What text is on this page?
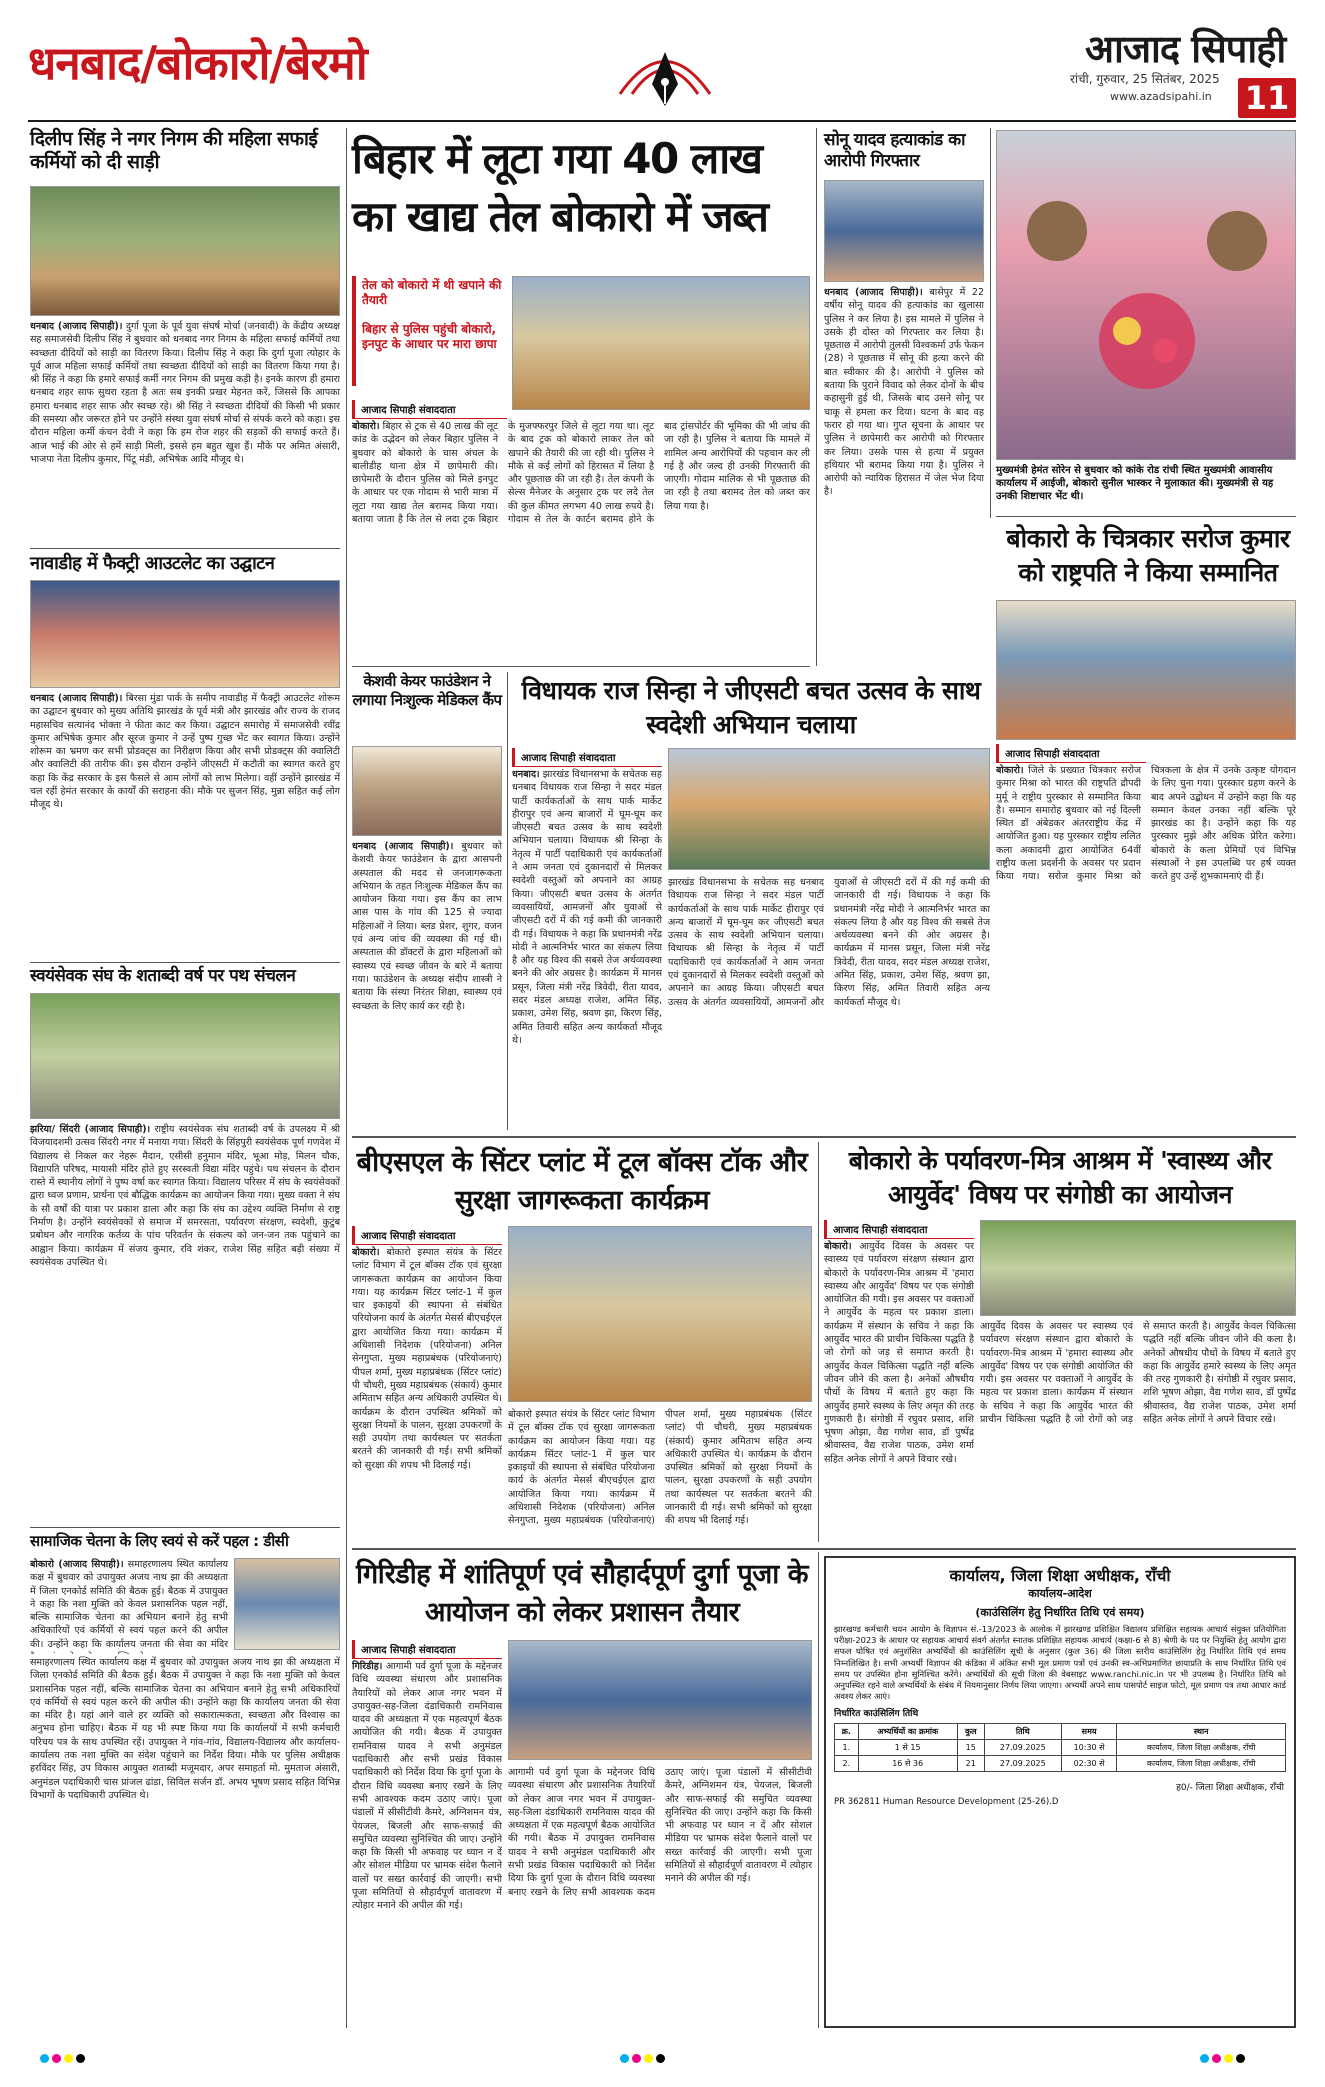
धनबाद/बोकारो/बेरमो	आजाद सिपाही
रांची, गुरुवार, 25 सितंबर, 2025
www.azadsipahi.in	11
दिलीप सिंह ने नगर निगम की महिला सफाई कर्मियों को दी साड़ी
धनबाद (आजाद सिपाही)। दुर्गा पूजा के पूर्व युवा संघर्ष मोर्चा (जनवादी) के केंद्रीय अध्यक्ष सह समाजसेवी दिलीप सिंह ने बुधवार को धनबाद नगर निगम के महिला सफाई कर्मियों तथा स्वच्छता दीदियों को साड़ी का वितरण किया। दिलीप सिंह ने कहा कि दुर्गा पूजा त्योहार के पूर्व आज महिला सफाई कर्मियों तथा स्वच्छता दीदियों को साड़ी का वितरण किया गया है। श्री सिंह ने कहा कि हमारे सफाई कर्मी नगर निगम की प्रमुख कड़ी है। इनके कारण ही हमारा धनबाद शहर साफ सुथरा रहता है अतः सब इनकी प्रखर मेहनत करें, जिससे कि आपका हमारा धनबाद शहर साफ और स्वच्छ रहे। श्री सिंह ने स्वच्छता दीदियों की किसी भी प्रकार की समस्या और जरूरत होने पर उन्होंने संस्था युवा संघर्ष मोर्चा से संपर्क करने को कहा। इस दौरान महिला कर्मी कंचन देवी ने कहा कि हम रोज शहर की सड़कों की सफाई करते हैं। आज भाई की ओर से हमें साड़ी मिली, इससे हम बहुत खुश हैं। मौके पर अमित अंसारी, भाजपा नेता दिलीप कुमार, पिंटू मंडी, अभिषेक आदि मौजूद थे।
नावाडीह में फैक्ट्री आउटलेट का उद्घाटन
धनबाद (आजाद सिपाही)। बिरसा मुंडा पार्क के समीप नावाडीह में फैक्ट्री आउटलेट शोरूम का उद्घाटन बुधवार को मुख्य अतिथि झारखंड के पूर्व मंत्री और झारखंड और राज्य के राजद महासचिव सत्यानंद भोक्ता ने फीता काट कर किया। उद्घाटन समारोह में समाजसेवी रवींद्र कुमार अभिषेक कुमार और सूरज कुमार ने उन्हें पुष्प गुच्छ भेंट कर स्वागत किया। उन्होंने शोरूम का भ्रमण कर सभी प्रोडक्ट्स का निरीक्षण किया और सभी प्रोडक्ट्स की क्वालिटी और क्वालिटी की तारीफ की। इस दौरान उन्होंने जीएसटी में कटौती का स्वागत करते हुए कहा कि केंद्र सरकार के इस फैसले से आम लोगों को लाभ मिलेगा। वहीं उन्होंने झारखंड में चल रहीं हेमंत सरकार के कार्यों की सराहना की। मौके पर सुजन सिंह, मुन्ना सहित कई लोग मौजूद थे।
स्वयंसेवक संघ के शताब्दी वर्ष पर पथ संचलन
झरिया/ सिंदरी (आजाद सिपाही)। राष्ट्रीय स्वयंसेवक संघ शताब्दी वर्ष के उपलक्ष्य में श्री विजयादशमी उत्सव सिंदरी नगर में मनाया गया। सिंदरी के सिंहपुरी स्वयंसेवक पूर्ण गणवेश में विद्यालय से निकल कर नेहरू मैदान, एसीसी हनुमान मंदिर, भूआ मोड़, मिलन चौक, विद्यापति परिषद, मायासी मंदिर होते हुए सरस्वती विद्या मंदिर पहुंचे। पथ संचलन के दौरान रास्ते में स्थानीय लोगों ने पुष्प वर्षा कर स्वागत किया। विद्यालय परिसर में संघ के स्वयंसेवकों द्वारा ध्वज प्रणाम, प्रार्थना एवं बौद्धिक कार्यक्रम का आयोजन किया गया। मुख्य वक्ता ने संघ के सौ वर्षों की यात्रा पर प्रकाश डाला और कहा कि संघ का उद्देश्य व्यक्ति निर्माण से राष्ट्र निर्माण है। उन्होंने स्वयंसेवकों से समाज में समरसता, पर्यावरण संरक्षण, स्वदेशी, कुटुंब प्रबोधन और नागरिक कर्तव्य के पांच परिवर्तन के संकल्प को जन-जन तक पहुंचाने का आह्वान किया। कार्यक्रम में संजय कुमार, रवि शंकर, राजेश सिंह सहित बड़ी संख्या में स्वयंसेवक उपस्थित थे।
सामाजिक चेतना के लिए स्वयं से करें पहल : डीसी
बोकारो (आजाद सिपाही)। समाहरणालय स्थित कार्यालय कक्ष में बुधवार को उपायुक्त अजय नाथ झा की अध्यक्षता में जिला एनकोर्ड समिति की बैठक हुई। बैठक में उपायुक्त ने कहा कि नशा मुक्ति को केवल प्रशासनिक पहल नहीं, बल्कि सामाजिक चेतना का अभियान बनाने हेतु सभी अधिकारियों एवं कर्मियों से स्वयं पहल करने की अपील की। उन्होंने कहा कि कार्यालय जनता की सेवा का मंदिर
समाहरणालय स्थित कार्यालय कक्ष में बुधवार को उपायुक्त अजय नाथ झा की अध्यक्षता में जिला एनकोर्ड समिति की बैठक हुई। बैठक में उपायुक्त ने कहा कि नशा मुक्ति को केवल प्रशासनिक पहल नहीं, बल्कि सामाजिक चेतना का अभियान बनाने हेतु सभी अधिकारियों एवं कर्मियों से स्वयं पहल करने की अपील की। उन्होंने कहा कि कार्यालय जनता की सेवा का मंदिर है। यहां आने वाले हर व्यक्ति को सकारात्मकता, स्वच्छता और विश्वास का अनुभव होना चाहिए। बैठक में यह भी स्पष्ट किया गया कि कार्यालयों में सभी कर्मचारी परिचय पत्र के साथ उपस्थित रहें। उपायुक्त ने गांव-गांव, विद्यालय-विद्यालय और कार्यालय-कार्यालय तक नशा मुक्ति का संदेश पहुंचाने का निर्देश दिया। मौके पर पुलिस अधीक्षक हरविंदर सिंह, उप विकास आयुक्त शताब्दी मजूमदार, अपर समाहर्ता मो. मुमताज अंसारी, अनुमंडल पदाधिकारी चास प्रांजल ढांडा, सिविल सर्जन डॉ. अभय भूषण प्रसाद सहित विभिन्न विभागों के पदाधिकारी उपस्थित थे।
बिहार में लूटा गया 40 लाख का खाद्य तेल बोकारो में जब्त
तेल को बोकारो में थी खपाने की तैयारी
बिहार से पुलिस पहुंची बोकारो, इनपुट के आधार पर मारा छापा
आजाद सिपाही संवाददाता
बोकारो। बिहार से ट्रक से 40 लाख की लूट कांड के उद्भेदन को लेकर बिहार पुलिस ने बुधवार को बोकारो के चास अंचल के बालीडीह थाना क्षेत्र में छापेमारी की। छापेमारी के दौरान पुलिस को मिले इनपुट के आधार पर एक गोदाम से भारी मात्रा में लूटा गया खाद्य तेल बरामद किया गया। बताया जाता है कि तेल से लदा ट्रक बिहार के मुजफ्फरपुर जिले से लूटा गया था। लूट के बाद ट्रक को बोकारो लाकर तेल को खपाने की तैयारी की जा रही थी। पुलिस ने मौके से कई लोगों को हिरासत में लिया है और पूछताछ की जा रही है। तेल कंपनी के सेल्स मैनेजर के अनुसार ट्रक पर लदे तेल की कुल कीमत लगभग 40 लाख रुपये है। गोदाम से तेल के कार्टन बरामद होने के बाद ट्रांसपोर्टर की भूमिका की भी जांच की जा रही है। पुलिस ने बताया कि मामले में शामिल अन्य आरोपियों की पहचान कर ली गई है और जल्द ही उनकी गिरफ्तारी की जाएगी। गोदाम मालिक से भी पूछताछ की जा रही है तथा बरामद तेल को जब्त कर लिया गया है।
सोनू यादव हत्याकांड का आरोपी गिरफ्तार
धनबाद (आजाद सिपाही)। बासेपुर में 22 वर्षीय सोनू यादव की हत्याकांड का खुलासा पुलिस ने कर लिया है। इस मामले में पुलिस ने उसके ही दोस्त को गिरफ्तार कर लिया है। पूछताछ में आरोपी तुलसी विश्वकर्मा उर्फ फेकन (28) ने पूछताछ में सोनू की हत्या करने की बात स्वीकार की है। आरोपी ने पुलिस को बताया कि पुराने विवाद को लेकर दोनों के बीच कहासुनी हुई थी, जिसके बाद उसने सोनू पर चाकू से हमला कर दिया। घटना के बाद वह फरार हो गया था। गुप्त सूचना के आधार पर पुलिस ने छापेमारी कर आरोपी को गिरफ्तार कर लिया। उसके पास से हत्या में प्रयुक्त हथियार भी बरामद किया गया है। पुलिस ने आरोपी को न्यायिक हिरासत में जेल भेज दिया है।
मुख्यमंत्री हेमंत सोरेन से बुधवार को कांके रोड रांची स्थित मुख्यमंत्री आवासीय कार्यालय में आईजी, बोकारो सुनील भास्कर ने मुलाकात की। मुख्यमंत्री से यह उनकी शिष्टाचार भेंट थी।
बोकारो के चित्रकार सरोज कुमार को राष्ट्रपति ने किया सम्मानित
आजाद सिपाही संवाददाता
बोकारो। जिले के प्रख्यात चित्रकार सरोज कुमार मिश्रा को भारत की राष्ट्रपति द्रौपदी मुर्मू ने राष्ट्रीय पुरस्कार से सम्मानित किया है। सम्मान समारोह बुधवार को नई दिल्ली स्थित डॉ अंबेडकर अंतरराष्ट्रीय केंद्र में आयोजित हुआ। यह पुरस्कार राष्ट्रीय ललित कला अकादमी द्वारा आयोजित 64वीं राष्ट्रीय कला प्रदर्शनी के अवसर पर प्रदान किया गया। सरोज कुमार मिश्रा को चित्रकला के क्षेत्र में उनके उत्कृष्ट योगदान के लिए चुना गया। पुरस्कार ग्रहण करने के बाद अपने उद्बोधन में उन्होंने कहा कि यह सम्मान केवल उनका नहीं बल्कि पूरे झारखंड का है। उन्होंने कहा कि यह पुरस्कार मुझे और अधिक प्रेरित करेगा। बोकारो के कला प्रेमियों एवं विभिन्न संस्थाओं ने इस उपलब्धि पर हर्ष व्यक्त करते हुए उन्हें शुभकामनाएं दी हैं।
केशवी केयर फाउंडेशन ने लगाया निःशुल्क मेडिकल कैंप
धनबाद (आजाद सिपाही)। बुधवार को केशवी केयर फाउंडेशन के द्वारा आसपनी अस्पताल की मदद से जनजागरूकता अभियान के तहत निःशुल्क मेडिकल कैंप का आयोजन किया गया। इस कैंप का लाभ आस पास के गांव की 125 से ज्यादा महिलाओं ने लिया। ब्लड प्रेशर, शुगर, वजन एवं अन्य जांच की व्यवस्था की गई थी। अस्पताल की डॉक्टरों के द्वारा महिलाओं को स्वास्थ्य एवं स्वच्छ जीवन के बारे में बताया गया। फाउंडेशन के अध्यक्ष संदीप शास्त्री ने बताया कि संस्था निरंतर शिक्षा, स्वास्थ्य एवं स्वच्छता के लिए कार्य कर रही है।
विधायक राज सिन्हा ने जीएसटी बचत उत्सव के साथ स्वदेशी अभियान चलाया
आजाद सिपाही संवाददाता
धनबाद। झारखंड विधानसभा के सचेतक सह धनबाद विधायक राज सिन्हा ने सदर मंडल पार्टी कार्यकर्ताओं के साथ पार्क मार्केट हीरापुर एवं अन्य बाजारों में घूम-घूम कर जीएसटी बचत उत्सव के साथ स्वदेशी अभियान चलाया। विधायक श्री सिन्हा के नेतृत्व में पार्टी पदाधिकारी एवं कार्यकर्ताओं ने आम जनता एवं दुकानदारों से मिलकर स्वदेशी वस्तुओं को अपनाने का आग्रह किया। जीएसटी बचत उत्सव के अंतर्गत व्यवसायियों, आमजनों और युवाओं से जीएसटी दरों में की गई कमी की जानकारी दी गई। विधायक ने कहा कि प्रधानमंत्री नरेंद्र मोदी ने आत्मनिर्भर भारत का संकल्प लिया है और यह विश्व की सबसे तेज अर्थव्यवस्था बनने की ओर अग्रसर है। कार्यक्रम में मानस प्रसून, जिला मंत्री नरेंद्र त्रिवेदी, रीता यादव, सदर मंडल अध्यक्ष राजेश, अमित सिंह, प्रकाश, उमेश सिंह, श्रवण झा, किरण सिंह, अमित तिवारी सहित अन्य कार्यकर्ता मौजूद थे।
झारखंड विधानसभा के सचेतक सह धनबाद विधायक राज सिन्हा ने सदर मंडल पार्टी कार्यकर्ताओं के साथ पार्क मार्केट हीरापुर एवं अन्य बाजारों में घूम-घूम कर जीएसटी बचत उत्सव के साथ स्वदेशी अभियान चलाया। विधायक श्री सिन्हा के नेतृत्व में पार्टी पदाधिकारी एवं कार्यकर्ताओं ने आम जनता एवं दुकानदारों से मिलकर स्वदेशी वस्तुओं को अपनाने का आग्रह किया। जीएसटी बचत उत्सव के अंतर्गत व्यवसायियों, आमजनों और युवाओं से जीएसटी दरों में की गई कमी की जानकारी दी गई। विधायक ने कहा कि प्रधानमंत्री नरेंद्र मोदी ने आत्मनिर्भर भारत का संकल्प लिया है और यह विश्व की सबसे तेज अर्थव्यवस्था बनने की ओर अग्रसर है। कार्यक्रम में मानस प्रसून, जिला मंत्री नरेंद्र त्रिवेदी, रीता यादव, सदर मंडल अध्यक्ष राजेश, अमित सिंह, प्रकाश, उमेश सिंह, श्रवण झा, किरण सिंह, अमित तिवारी सहित अन्य कार्यकर्ता मौजूद थे।
बीएसएल के सिंटर प्लांट में टूल बॉक्स टॉक और सुरक्षा जागरूकता कार्यक्रम
आजाद सिपाही संवाददाता
बोकारो। बोकारो इस्पात संयंत्र के सिंटर प्लांट विभाग में टूल बॉक्स टॉक एवं सुरक्षा जागरूकता कार्यक्रम का आयोजन किया गया। यह कार्यक्रम सिंटर प्लांट-1 में कुल चार इकाइयों की स्थापना से संबंधित परियोजना कार्य के अंतर्गत मेसर्स बीएचईएल द्वारा आयोजित किया गया। कार्यक्रम में अधिशासी निदेशक (परियोजना) अनिल सेनगुप्ता, मुख्य महाप्रबंधक (परियोजनाएं) पीपल शर्मा, मुख्य महाप्रबंधक (सिंटर प्लांट) पी चौधरी, मुख्य महाप्रबंधक (संकार्य) कुमार अमिताभ सहित अन्य अधिकारी उपस्थित थे। कार्यक्रम के दौरान उपस्थित श्रमिकों को सुरक्षा नियमों के पालन, सुरक्षा उपकरणों के सही उपयोग तथा कार्यस्थल पर सतर्कता बरतने की जानकारी दी गई। सभी श्रमिकों को सुरक्षा की शपथ भी दिलाई गई।
बोकारो इस्पात संयंत्र के सिंटर प्लांट विभाग में टूल बॉक्स टॉक एवं सुरक्षा जागरूकता कार्यक्रम का आयोजन किया गया। यह कार्यक्रम सिंटर प्लांट-1 में कुल चार इकाइयों की स्थापना से संबंधित परियोजना कार्य के अंतर्गत मेसर्स बीएचईएल द्वारा आयोजित किया गया। कार्यक्रम में अधिशासी निदेशक (परियोजना) अनिल सेनगुप्ता, मुख्य महाप्रबंधक (परियोजनाएं) पीपल शर्मा, मुख्य महाप्रबंधक (सिंटर प्लांट) पी चौधरी, मुख्य महाप्रबंधक (संकार्य) कुमार अमिताभ सहित अन्य अधिकारी उपस्थित थे। कार्यक्रम के दौरान उपस्थित श्रमिकों को सुरक्षा नियमों के पालन, सुरक्षा उपकरणों के सही उपयोग तथा कार्यस्थल पर सतर्कता बरतने की जानकारी दी गई। सभी श्रमिकों को सुरक्षा की शपथ भी दिलाई गई।
बोकारो के पर्यावरण-मित्र आश्रम में 'स्वास्थ्य और आयुर्वेद' विषय पर संगोष्ठी का आयोजन
आजाद सिपाही संवाददाता
बोकारो। आयुर्वेद दिवस के अवसर पर स्वास्थ्य एवं पर्यावरण संरक्षण संस्थान द्वारा बोकारो के पर्यावरण-मित्र आश्रम में 'हमारा स्वास्थ्य और आयुर्वेद' विषय पर एक संगोष्ठी आयोजित की गयी। इस अवसर पर वक्ताओं ने आयुर्वेद के महत्व पर प्रकाश डाला। कार्यक्रम में संस्थान के सचिव ने कहा कि आयुर्वेद भारत की प्राचीन चिकित्सा पद्धति है जो रोगों को जड़ से समाप्त करती है। आयुर्वेद केवल चिकित्सा पद्धति नहीं बल्कि जीवन जीने की कला है। अनेकों औषधीय पौधों के विषय में बताते हुए कहा कि आयुर्वेद हमारे स्वस्थ्य के लिए अमृत की तरह गुणकारी है। संगोष्ठी में रघुवर प्रसाद, शशि भूषण ओझा, वैद्य गणेश साव, डॉ पुष्पेंद्र श्रीवास्तव, वैद्य राजेश पाठक, उमेश शर्मा सहित अनेक लोगों ने अपने विचार रखे।
आयुर्वेद दिवस के अवसर पर स्वास्थ्य एवं पर्यावरण संरक्षण संस्थान द्वारा बोकारो के पर्यावरण-मित्र आश्रम में 'हमारा स्वास्थ्य और आयुर्वेद' विषय पर एक संगोष्ठी आयोजित की गयी। इस अवसर पर वक्ताओं ने आयुर्वेद के महत्व पर प्रकाश डाला। कार्यक्रम में संस्थान के सचिव ने कहा कि आयुर्वेद भारत की प्राचीन चिकित्सा पद्धति है जो रोगों को जड़ से समाप्त करती है। आयुर्वेद केवल चिकित्सा पद्धति नहीं बल्कि जीवन जीने की कला है। अनेकों औषधीय पौधों के विषय में बताते हुए कहा कि आयुर्वेद हमारे स्वस्थ्य के लिए अमृत की तरह गुणकारी है। संगोष्ठी में रघुवर प्रसाद, शशि भूषण ओझा, वैद्य गणेश साव, डॉ पुष्पेंद्र श्रीवास्तव, वैद्य राजेश पाठक, उमेश शर्मा सहित अनेक लोगों ने अपने विचार रखे।
गिरिडीह में शांतिपूर्ण एवं सौहार्दपूर्ण दुर्गा पूजा के आयोजन को लेकर प्रशासन तैयार
आजाद सिपाही संवाददाता
गिरिडीह। आगामी पर्व दुर्गा पूजा के मद्देनजर विधि व्यवस्था संधारण और प्रशासनिक तैयारियों को लेकर आज नगर भवन में उपायुक्त-सह-जिला दंडाधिकारी रामनिवास यादव की अध्यक्षता में एक महत्वपूर्ण बैठक आयोजित की गयी। बैठक में उपायुक्त रामनिवास यादव ने सभी अनुमंडल पदाधिकारी और सभी प्रखंड विकास पदाधिकारी को निर्देश दिया कि दुर्गा पूजा के दौरान विधि व्यवस्था बनाए रखने के लिए सभी आवश्यक कदम उठाए जाएं। पूजा पंडालों में सीसीटीवी कैमरे, अग्निशमन यंत्र, पेयजल, बिजली और साफ-सफाई की समुचित व्यवस्था सुनिश्चित की जाए। उन्होंने कहा कि किसी भी अफवाह पर ध्यान न दें और सोशल मीडिया पर भ्रामक संदेश फैलाने वालों पर सख्त कार्रवाई की जाएगी। सभी पूजा समितियों से सौहार्दपूर्ण वातावरण में त्योहार मनाने की अपील की गई।
आगामी पर्व दुर्गा पूजा के मद्देनजर विधि व्यवस्था संधारण और प्रशासनिक तैयारियों को लेकर आज नगर भवन में उपायुक्त-सह-जिला दंडाधिकारी रामनिवास यादव की अध्यक्षता में एक महत्वपूर्ण बैठक आयोजित की गयी। बैठक में उपायुक्त रामनिवास यादव ने सभी अनुमंडल पदाधिकारी और सभी प्रखंड विकास पदाधिकारी को निर्देश दिया कि दुर्गा पूजा के दौरान विधि व्यवस्था बनाए रखने के लिए सभी आवश्यक कदम उठाए जाएं। पूजा पंडालों में सीसीटीवी कैमरे, अग्निशमन यंत्र, पेयजल, बिजली और साफ-सफाई की समुचित व्यवस्था सुनिश्चित की जाए। उन्होंने कहा कि किसी भी अफवाह पर ध्यान न दें और सोशल मीडिया पर भ्रामक संदेश फैलाने वालों पर सख्त कार्रवाई की जाएगी। सभी पूजा समितियों से सौहार्दपूर्ण वातावरण में त्योहार मनाने की अपील की गई।
कार्यालय, जिला शिक्षा अधीक्षक, राँची
कार्यालय-आदेश
(काउंसिलिंग हेतु निर्धारित तिथि एवं समय)
झारखण्ड कर्मचारी चयन आयोग के विज्ञापन सं.-13/2023 के आलोक में झारखण्ड प्रशिक्षित विद्यालय प्रशिक्षित सहायक आचार्य संयुक्त प्रतियोगिता परीक्षा-2023 के आधार पर सहायक आचार्य संवर्ग अंतर्गत स्नातक प्रशिक्षित सहायक आचार्य (कक्षा-6 से 8) श्रेणी के पद पर नियुक्ति हेतु आयोग द्वारा सफल घोषित एवं अनुशंसित अभ्यर्थियों की काउंसिलिंग सूची के अनुसार (कुल 36) की जिला स्तरीय काउंसिलिंग हेतु निर्धारित तिथि एवं समय निम्नलिखित है। सभी अभ्यर्थी विज्ञापन की कंडिका में अंकित सभी मूल प्रमाण पत्रों एवं उनकी स्व-अभिप्रमाणित छायाप्रति के साथ निर्धारित तिथि एवं समय पर उपस्थित होना सुनिश्चित करेंगे। अभ्यर्थियों की सूची जिला की वेबसाइट www.ranchi.nic.in पर भी उपलब्ध है। निर्धारित तिथि को अनुपस्थित रहने वाले अभ्यर्थियों के संबंध में नियमानुसार निर्णय लिया जाएगा। अभ्यर्थी अपने साथ पासपोर्ट साइज फोटो, मूल प्रमाण पत्र तथा आधार कार्ड अवश्य लेकर आएं।
निर्धारित काउंसिलिंग तिथि
क्र.	अभ्यर्थियों का क्रमांक	कुल	तिथि	समय	स्थान
1.	1 से 15	15	27.09.2025	10:30 से	कार्यालय, जिला शिक्षा अधीक्षक, राँची
2.	16 से 36	21	27.09.2025	02:30 से	कार्यालय, जिला शिक्षा अधीक्षक, राँची
ह0/- जिला शिक्षा अधीक्षक, राँची
PR 362811 Human Resource Development (25-26).D
